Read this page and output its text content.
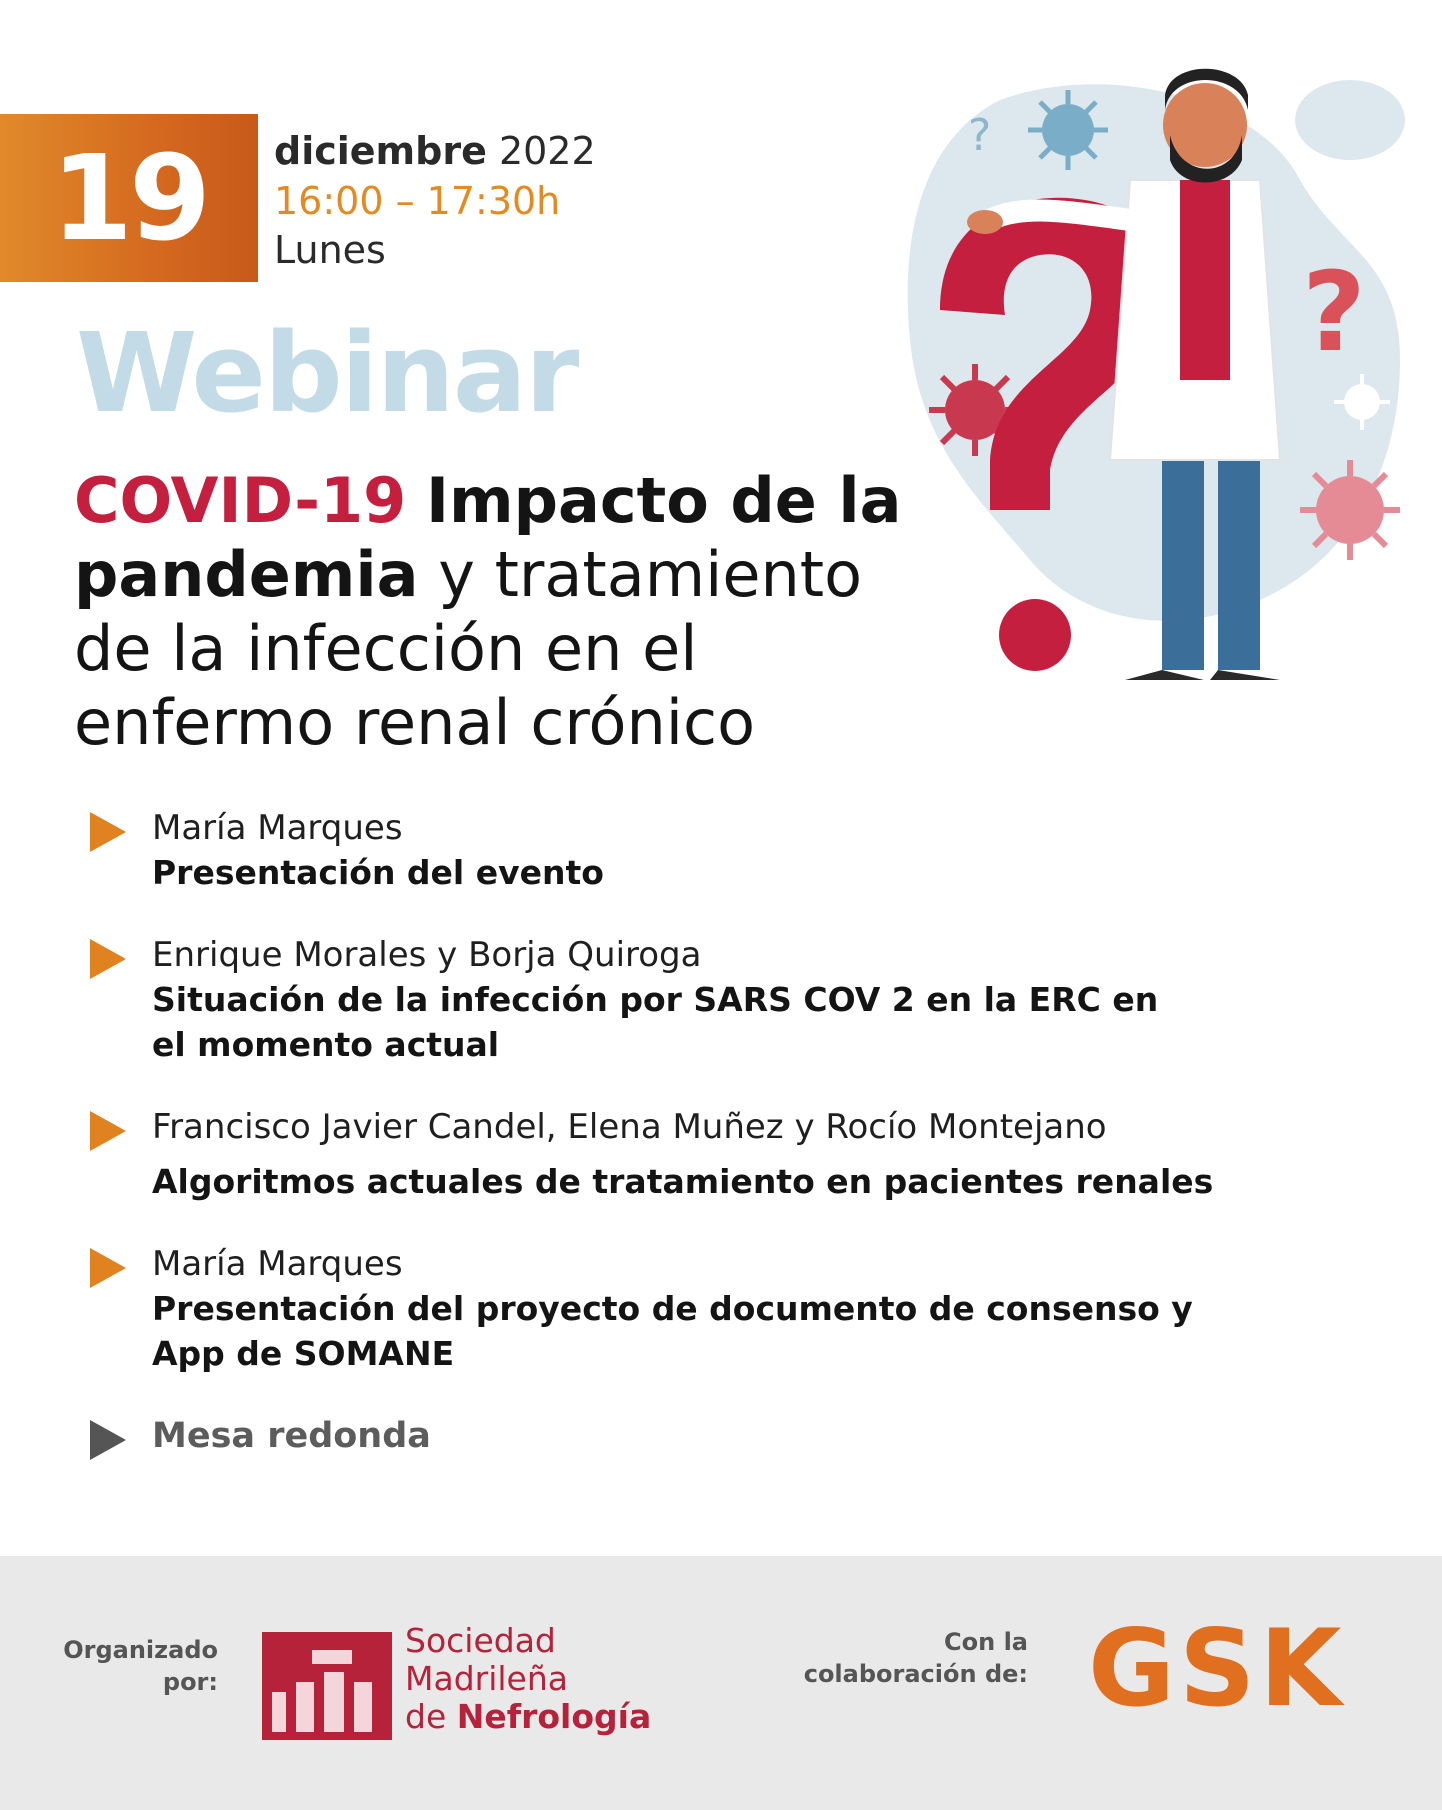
19 diciembre 2022
16:00 – 17:30h
Lunes
Webinar
COVID-19 Impacto de la pandemia y tratamiento de la infección en el enfermo renal crónico
?
?
María Marques
Presentación del evento
Enrique Morales y Borja Quiroga
Situación de la infección por SARS COV 2 en la ERC en el momento actual
Francisco Javier Candel, Elena Muñez y Rocío Montejano
Algoritmos actuales de tratamiento en pacientes renales
María Marques
Presentación del proyecto de documento de consenso y App de SOMANE
Mesa redonda
Organizado
por:
Sociedad
Madrileña
de Nefrología
Con la
colaboración de: GSK
